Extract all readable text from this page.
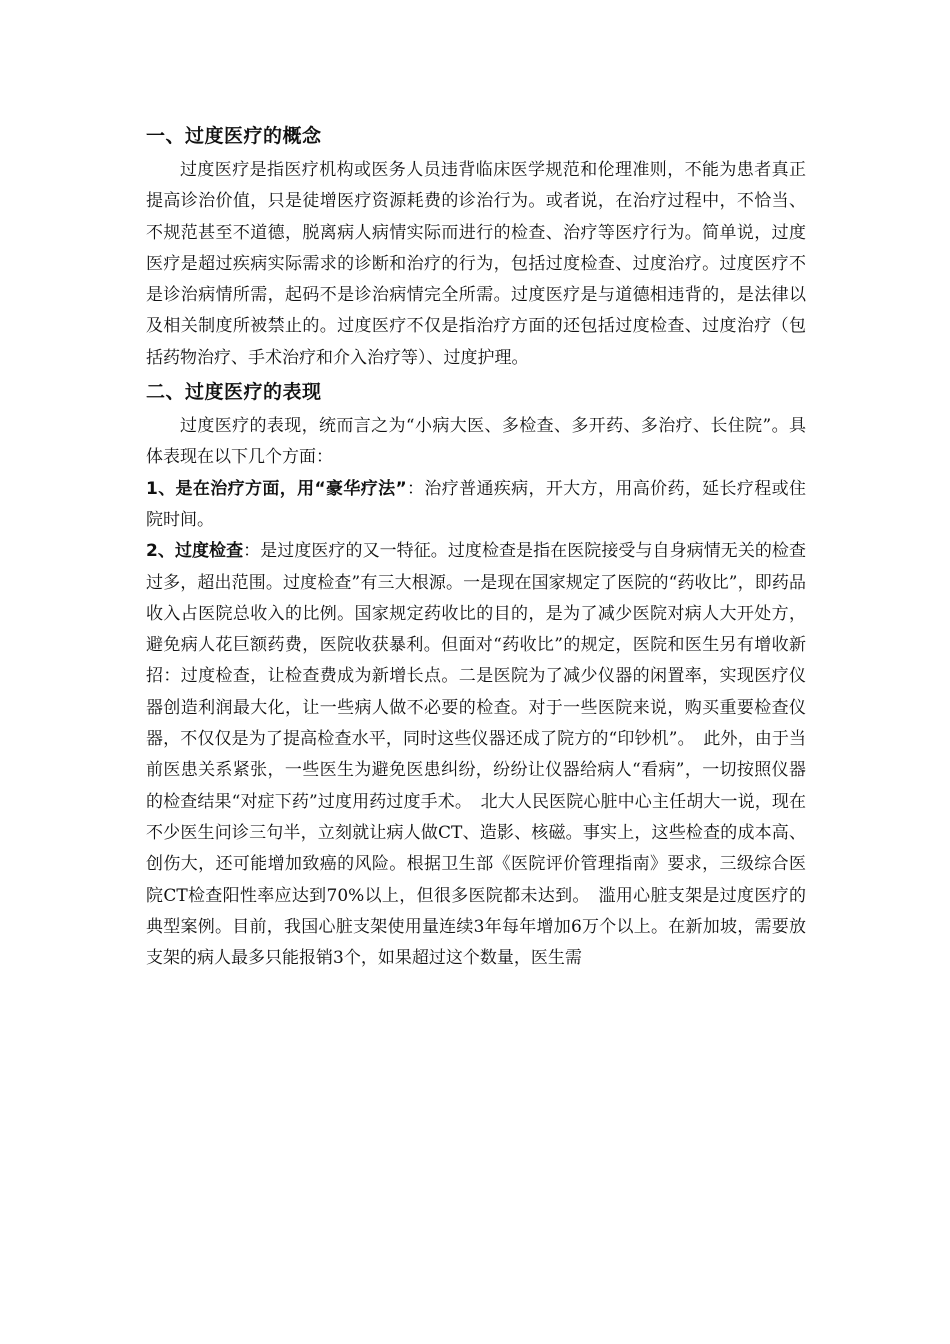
一、过度医疗的概念

过度医疗是指医疗机构或医务人员违背临床医学规范和伦理准则，不能为患者真正提高诊治价值，只是徒增医疗资源耗费的诊治行为。或者说，在治疗过程中，不恰当、不规范甚至不道德，脱离病人病情实际而进行的检查、治疗等医疗行为。简单说，过度医疗是超过疾病实际需求的诊断和治疗的行为，包括过度检查、过度治疗。过度医疗不是诊治病情所需，起码不是诊治病情完全所需。过度医疗是与道德相违背的，是法律以及相关制度所被禁止的。过度医疗不仅是指治疗方面的还包括过度检查、过度治疗（包括药物治疗、手术治疗和介入治疗等）、过度护理。

二、过度医疗的表现

过度医疗的表现，统而言之为“小病大医、多检查、多开药、多治疗、长住院”。具体表现在以下几个方面：

1、是在治疗方面，用“豪华疗法”：治疗普通疾病，开大方，用高价药，延长疗程或住院时间。

2、过度检查：是过度医疗的又一特征。过度检查是指在医院接受与自身病情无关的检查过多，超出范围。过度检查”有三大根源。一是现在国家规定了医院的“药收比”，即药品收入占医院总收入的比例。国家规定药收比的目的，是为了减少医院对病人大开处方，避免病人花巨额药费，医院收获暴利。但面对“药收比”的规定，医院和医生另有增收新招：过度检查，让检查费成为新增长点。二是医院为了减少仪器的闲置率，实现医疗仪器创造利润最大化，让一些病人做不必要的检查。对于一些医院来说，购买重要检查仪器，不仅仅是为了提高检查水平，同时这些仪器还成了院方的“印钞机”。　此外，由于当前医患关系紧张，一些医生为避免医患纠纷，纷纷让仪器给病人“看病”，一切按照仪器的检查结果“对症下药”过度用药过度手术。　北大人民医院心脏中心主任胡大一说，现在不少医生问诊三句半，立刻就让病人做CT、造影、核磁。事实上，这些检查的成本高、创伤大，还可能增加致癌的风险。根据卫生部《医院评价管理指南》要求，三级综合医院CT检查阳性率应达到70%以上，但很多医院都未达到。　滥用心脏支架是过度医疗的典型案例。目前，我国心脏支架使用量连续3年每年增加6万个以上。在新加坡，需要放支架的病人最多只能报销3个，如果超过这个数量，医生需
